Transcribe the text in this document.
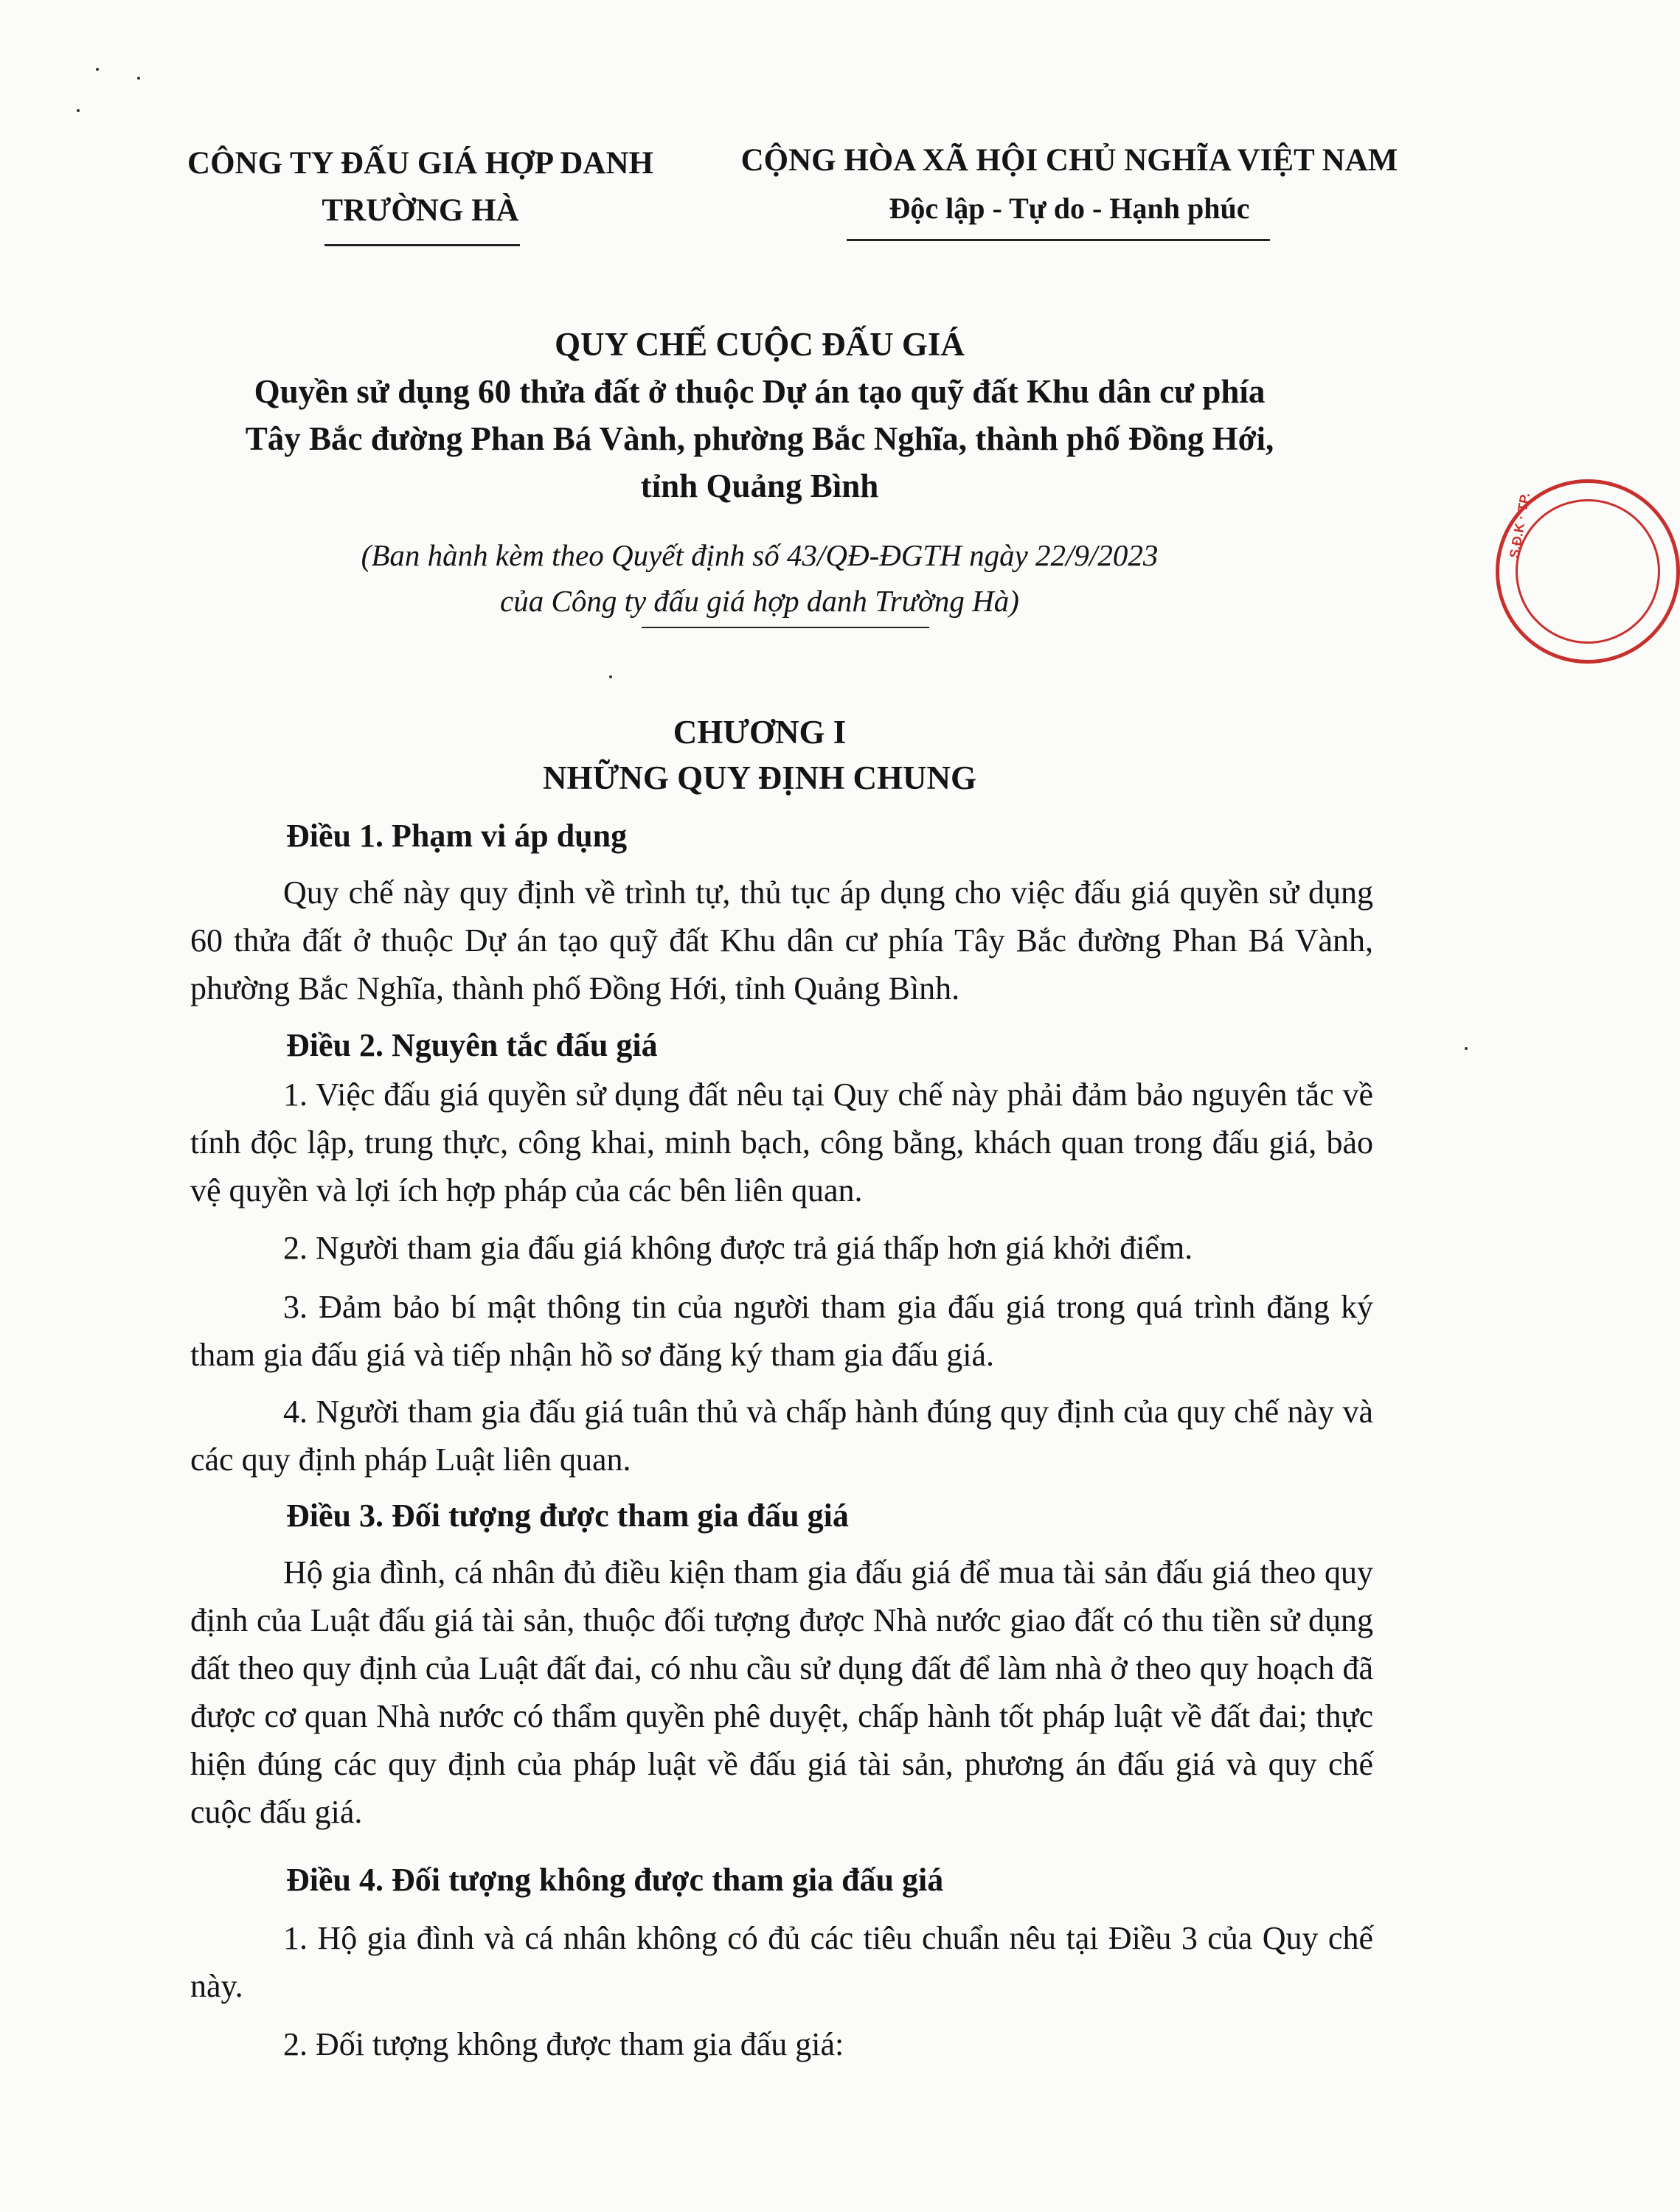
CÔNG TY ĐẤU GIÁ HỢP DANH
TRƯỜNG HÀ
CỘNG HÒA XÃ HỘI CHỦ NGHĨA VIỆT NAM
Độc lập - Tự do - Hạnh phúc
QUY CHẾ CUỘC ĐẤU GIÁ
Quyền sử dụng 60 thửa đất ở thuộc Dự án tạo quỹ đất Khu dân cư phía
Tây Bắc đường Phan Bá Vành, phường Bắc Nghĩa, thành phố Đồng Hới,
tỉnh Quảng Bình
(Ban hành kèm theo Quyết định số 43/QĐ-ĐGTH ngày 22/9/2023
của Công ty đấu giá hợp danh Trường Hà)
CHƯƠNG I
NHỮNG QUY ĐỊNH CHUNG
Điều 1. Phạm vi áp dụng

Quy chế này quy định về trình tự, thủ tục áp dụng cho việc đấu giá quyền sử dụng 60 thửa đất ở thuộc Dự án tạo quỹ đất Khu dân cư phía Tây Bắc đường Phan Bá Vành, phường Bắc Nghĩa, thành phố Đồng Hới, tỉnh Quảng Bình.

Điều 2. Nguyên tắc đấu giá

1. Việc đấu giá quyền sử dụng đất nêu tại Quy chế này phải đảm bảo nguyên tắc về tính độc lập, trung thực, công khai, minh bạch, công bằng, khách quan trong đấu giá, bảo vệ quyền và lợi ích hợp pháp của các bên liên quan.

2. Người tham gia đấu giá không được trả giá thấp hơn giá khởi điểm.

3. Đảm bảo bí mật thông tin của người tham gia đấu giá trong quá trình đăng ký tham gia đấu giá và tiếp nhận hồ sơ đăng ký tham gia đấu giá.

4. Người tham gia đấu giá tuân thủ và chấp hành đúng quy định của quy chế này và các quy định pháp Luật liên quan.

Điều 3. Đối tượng được tham gia đấu giá

Hộ gia đình, cá nhân đủ điều kiện tham gia đấu giá để mua tài sản đấu giá theo quy định của Luật đấu giá tài sản, thuộc đối tượng được Nhà nước giao đất có thu tiền sử dụng đất theo quy định của Luật đất đai, có nhu cầu sử dụng đất để làm nhà ở theo quy hoạch đã được cơ quan Nhà nước có thẩm quyền phê duyệt, chấp hành tốt pháp luật về đất đai; thực hiện đúng các quy định của pháp luật về đấu giá tài sản, phương án đấu giá và quy chế cuộc đấu giá.

Điều 4. Đối tượng không được tham gia đấu giá

1. Hộ gia đình và cá nhân không có đủ các tiêu chuẩn nêu tại Điều 3 của Quy chế này.

2. Đối tượng không được tham gia đấu giá:

S.Đ.K · TP.
